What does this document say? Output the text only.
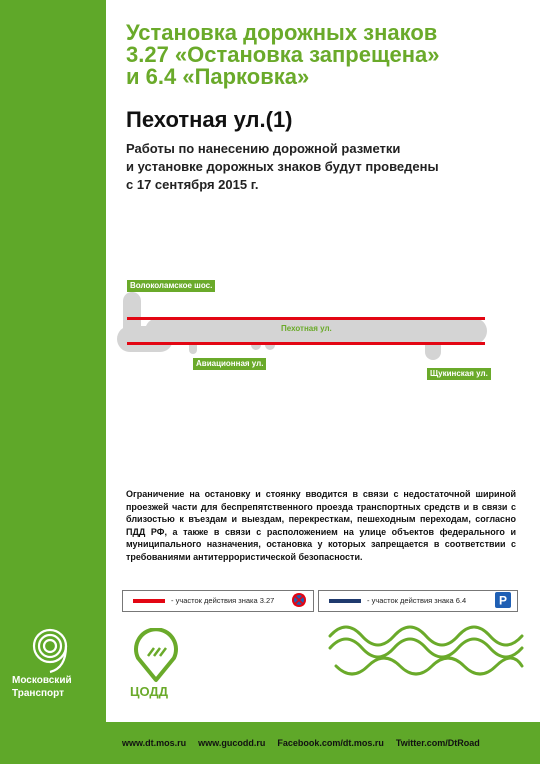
Установка дорожных знаков
3.27 «Остановка запрещена»
и 6.4 «Парковка»
Пехотная ул.(1)

Работы по нанесению дорожной разметки
и установке дорожных знаков будут проведены
с 17 сентября 2015 г.

Волоколамское шос.
Пехотная ул.
Авиационная ул.
Щукинская ул.

Ограничение на остановку и стоянку вводится в связи с недостаточной шириной проезжей части для беспрепятственного проезда транспортных средств и в связи с близостью к въездам и выездам, перекресткам, пешеходным переходам, согласно ПДД РФ, а также в связи с расположением на улице объектов федерального и муниципального назначения, остановка у которых запрещается в соответствии с требованиями антитеррористической безопасности.

- участок действия знака 3.27	- участок действия знака 6.4	P
Московский
Транспорт	ЦОДД
www.dt.mos.ru www.gucodd.ru Facebook.com/dt.mos.ru Twitter.com/DtRoad
